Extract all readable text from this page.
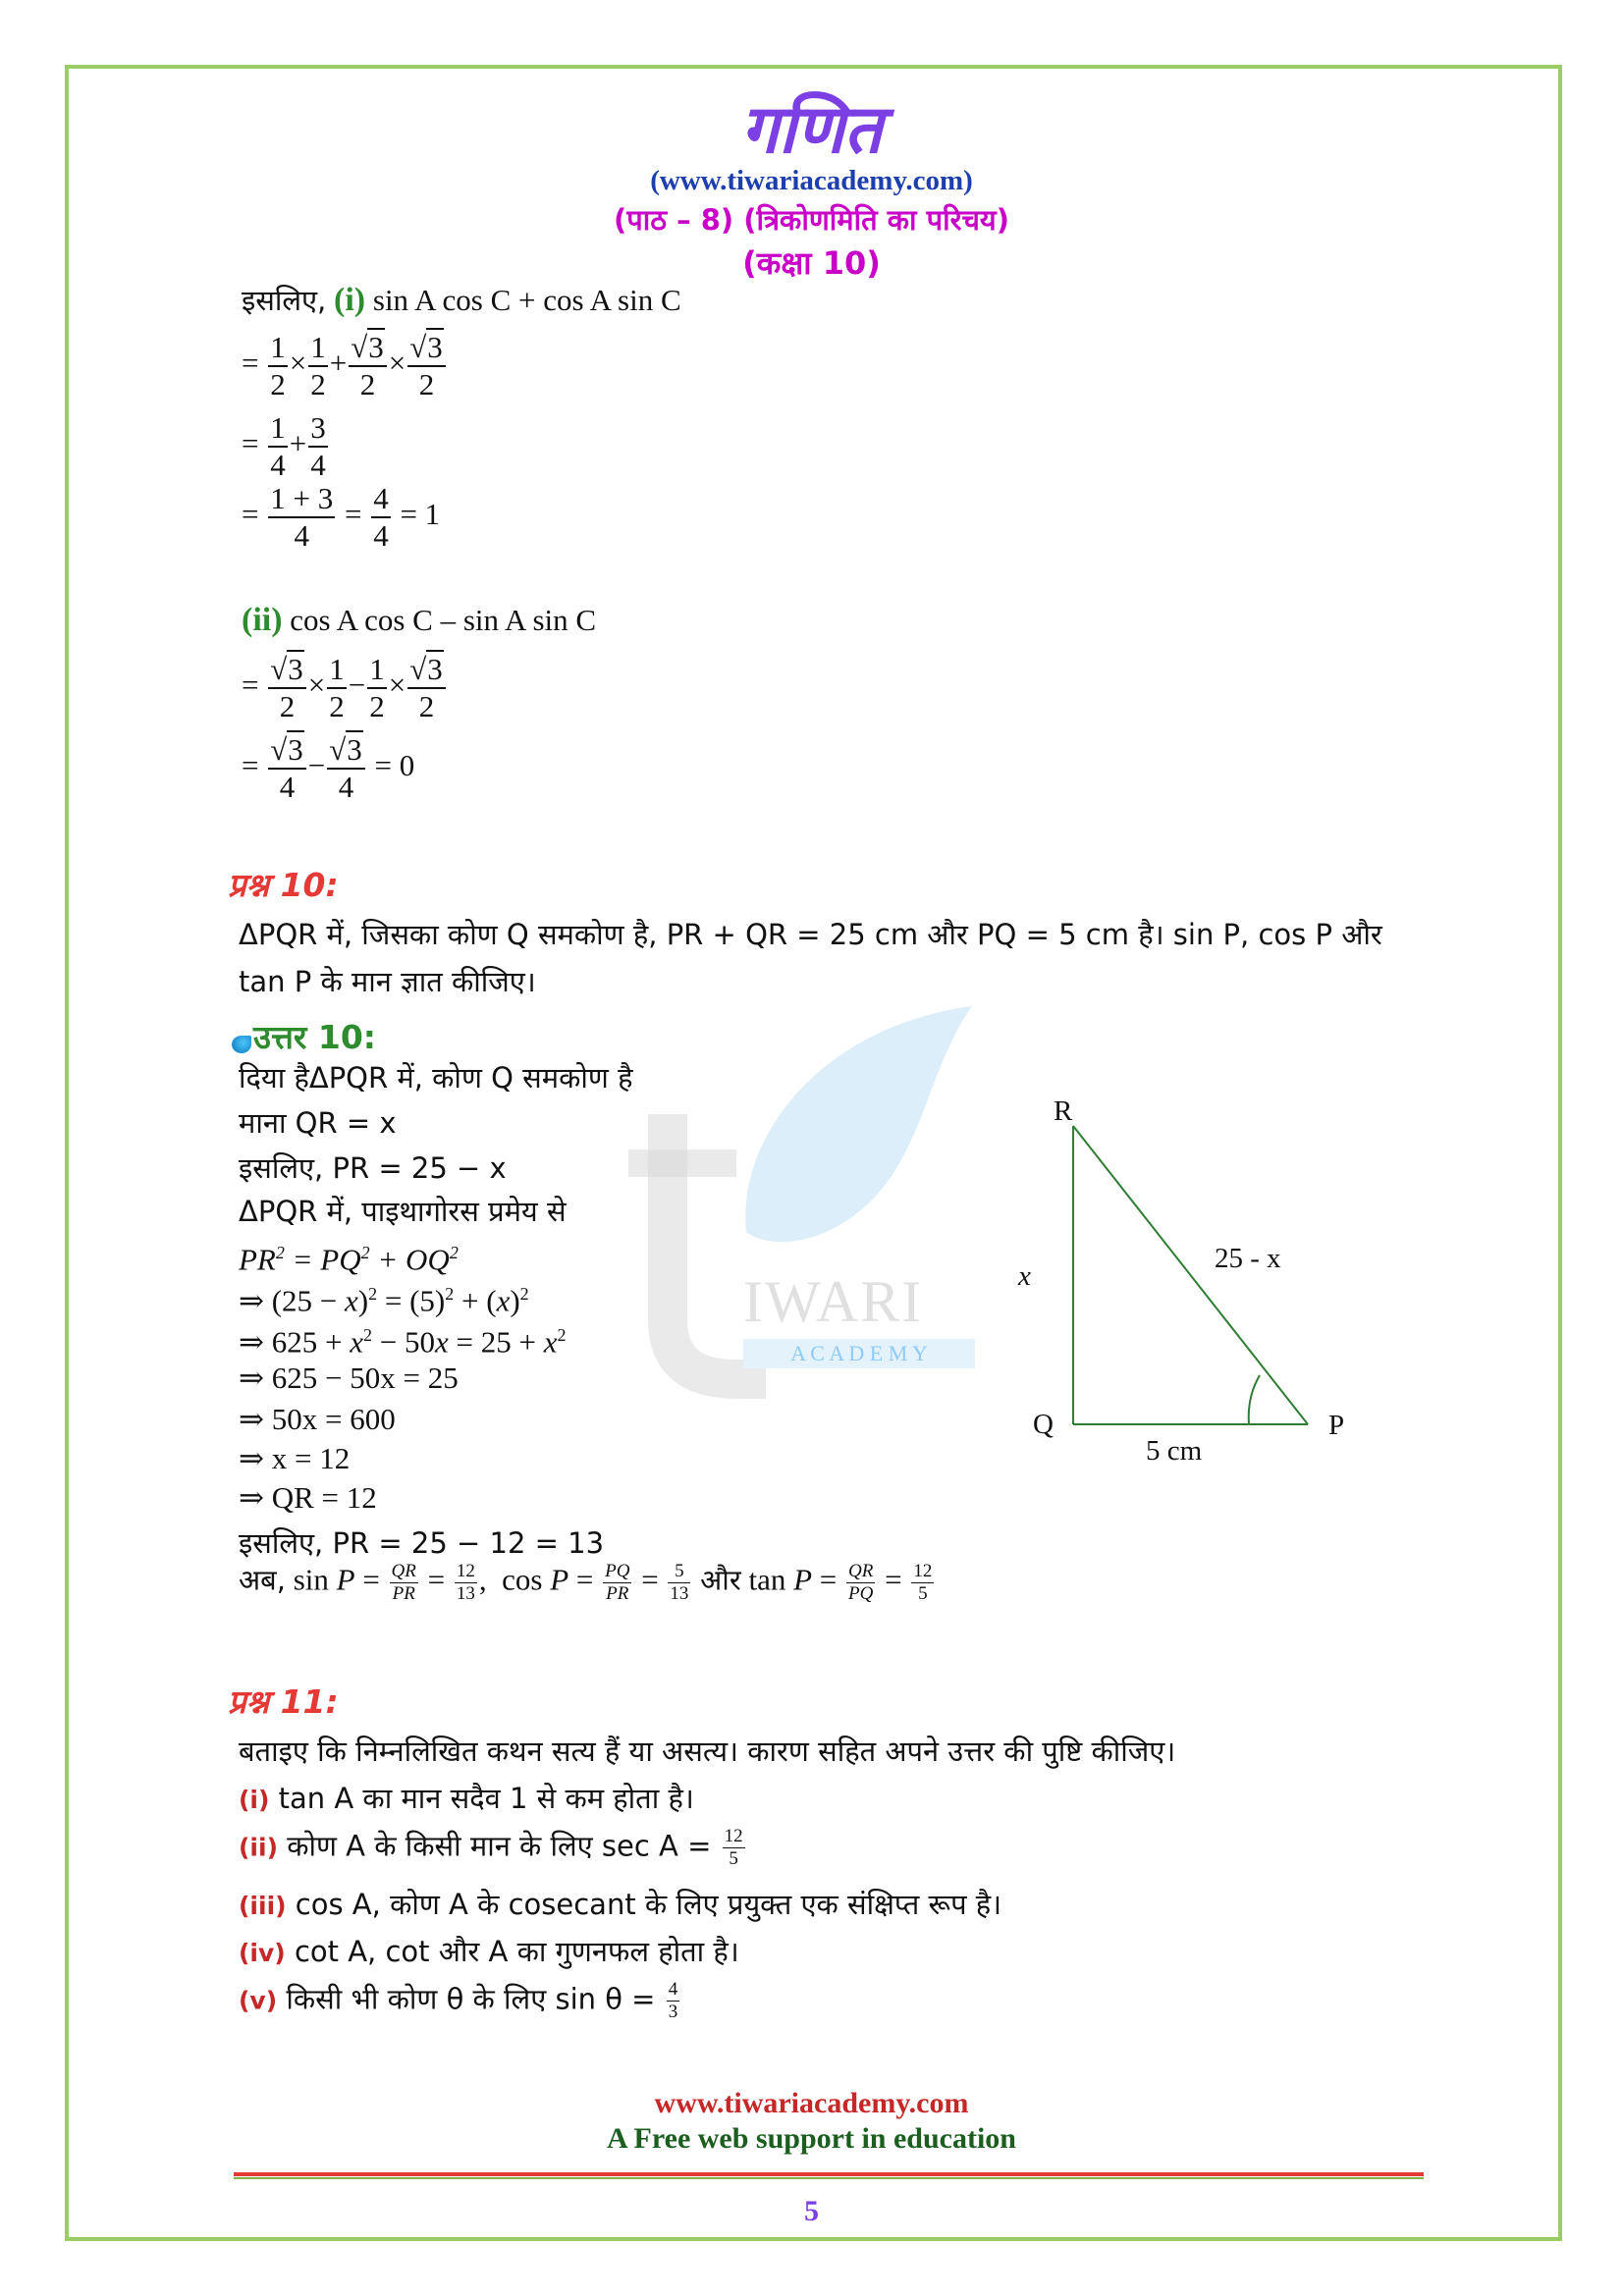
गणित
(www.tiwariacademy.com)
(पाठ – 8) (त्रिकोणमिति का परिचय)
(कक्षा 10)
इसलिए, (i) sin A cos C + cos A sin C
= $\frac{1}{2} \times \frac{1}{2} + \frac{√3}{2} \times \frac{√3}{2}$
= $\frac{1}{4} + \frac{3}{4}$
= $\frac{1 + 3}{4} = \frac{4}{4} = 1$
(ii) cos A cos C – sin A sin C
= $\frac{√3}{2} \times \frac{1}{2} - \frac{1}{2} \times \frac{√3}{2}$
= $\frac{√3}{4} - \frac{√3}{4} = 0$
प्रश्न 10:
ΔPQR में, जिसका कोण Q समकोण है, PR + QR = 25 cm और PQ = 5 cm है। sin P, cos P और
tan P के मान ज्ञात कीजिए।
उत्तर 10:
IWARI
A C A D E M Y
दिया हैΔPQR में, कोण Q समकोण है
माना QR = x
इसलिए, PR = 25 − x
ΔPQR में, पाइथागोरस प्रमेय से
$PR^2 = PQ^2 + OQ^2$
⇒ $(25 - x)^2 = (5)^2 + (x)^2$
⇒ $625 + x^2 - 50x = 25 + x^2$
⇒ 625 − 50x = 25
⇒ 50x = 600
⇒ x = 12
⇒ QR = 12
इसलिए, PR = 25 − 12 = 13
अब, $\sin P = \frac{QR}{PR} = \frac{12}{13}$ ,  $\cos P = \frac{PQ}{PR} = \frac{5}{13}$ और $\tan P = \frac{QR}{PQ} = \frac{12}{5}$
R
x
25 - x
Q	P
5 cm
प्रश्न 11:
बताइए कि निम्नलिखित कथन सत्य हैं या असत्य। कारण सहित अपने उत्तर की पुष्टि कीजिए।
(i) tan A का मान सदैव 1 से कम होता है।
(ii) कोण A के किसी मान के लिए $\sec A = \frac{12}{5}$
(iii) cos A, कोण A के cosecant के लिए प्रयुक्त एक संक्षिप्त रूप है।
(iv) cot A, cot और A का गुणनफल होता है।
(v) किसी भी कोण θ के लिए $\sin \theta = \frac{4}{3}$
www.tiwariacademy.com
A Free web support in education
5
